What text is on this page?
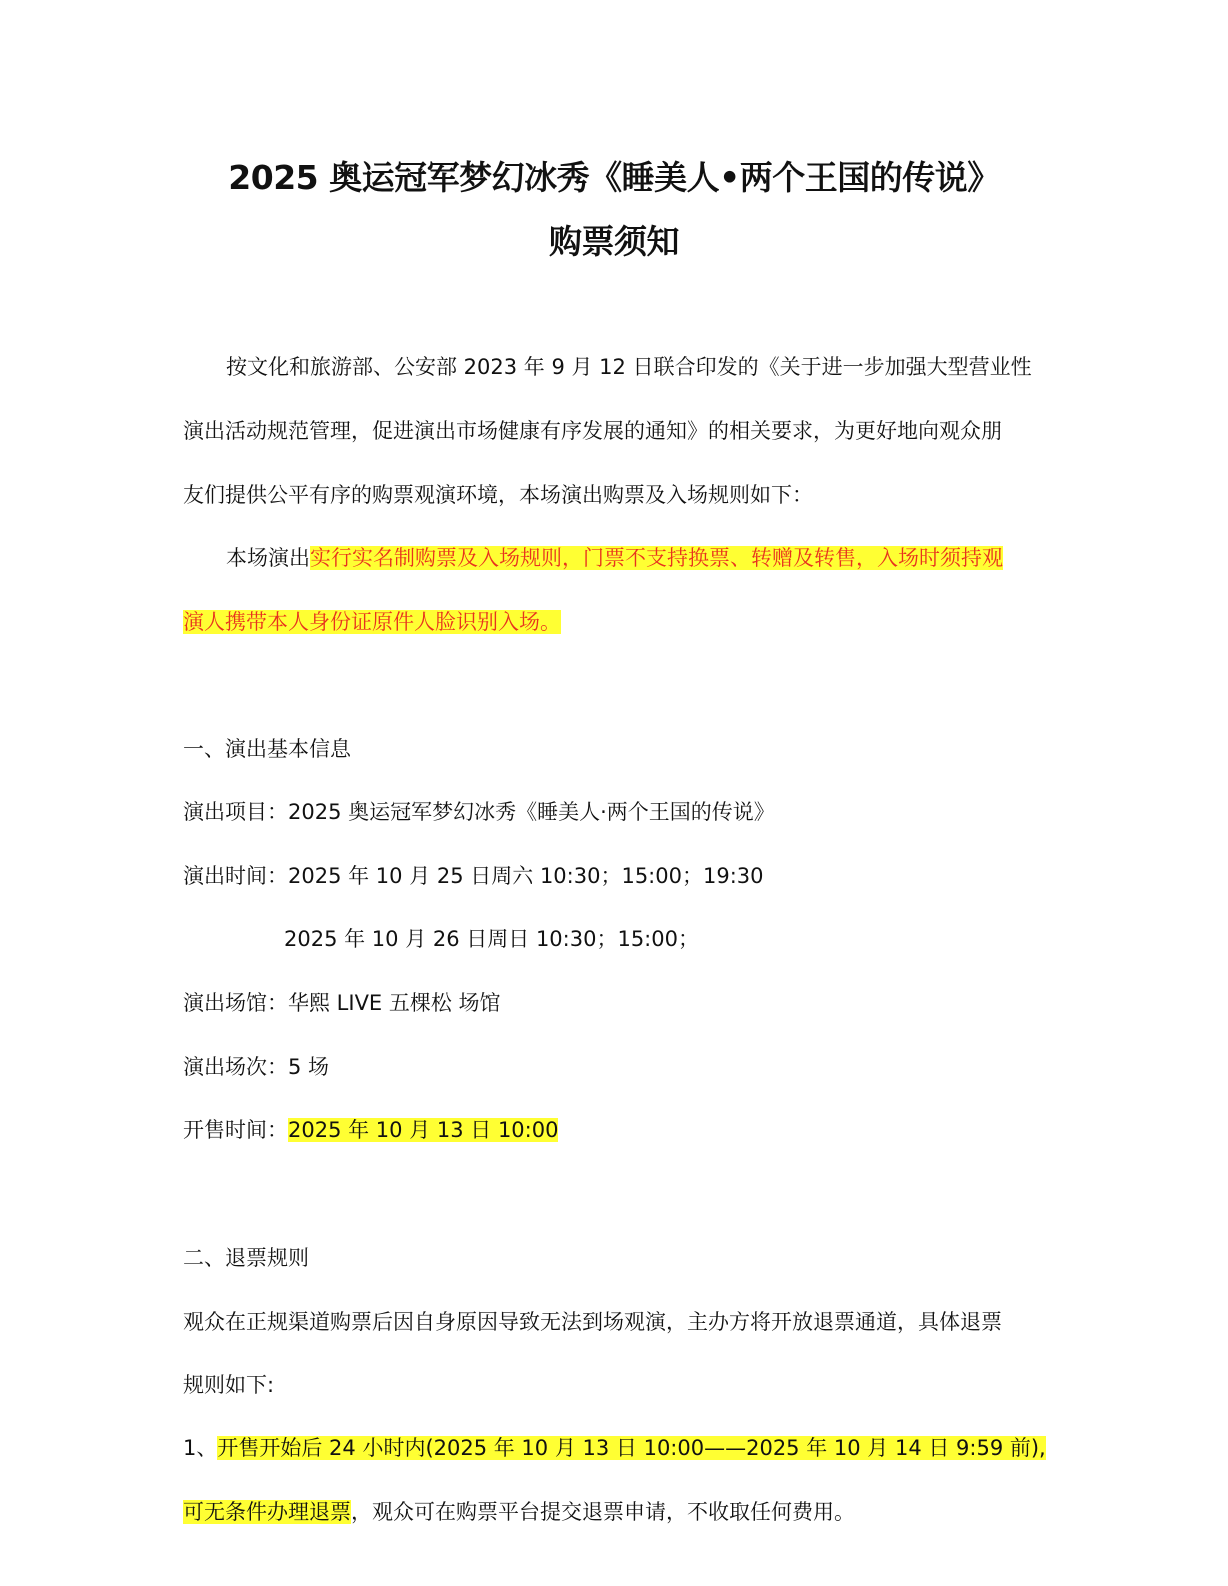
2025 奥运冠军梦幻冰秀《睡美人•两个王国的传说》
购票须知

按文化和旅游部、公安部 2023 年 9 月 12 日联合印发的《关于进一步加强大型营业性

演出活动规范管理，促进演出市场健康有序发展的通知》的相关要求，为更好地向观众朋

友们提供公平有序的购票观演环境，本场演出购票及入场规则如下：

本场演出实行实名制购票及入场规则，门票不支持换票、转赠及转售，入场时须持观

演人携带本人身份证原件人脸识别入场。

一、演出基本信息

演出项目：2025 奥运冠军梦幻冰秀《睡美人·两个王国的传说》

演出时间：2025 年 10 月 25 日周六 10:30；15:00；19:30

2025 年 10 月 26 日周日 10:30；15:00；

演出场馆：华熙 LIVE 五棵松 场馆

演出场次：5 场

开售时间：2025 年 10 月 13 日 10:00

二、退票规则

观众在正规渠道购票后因自身原因导致无法到场观演，主办方将开放退票通道，具体退票

规则如下:

1、开售开始后 24 小时内(2025 年 10 月 13 日 10:00——2025 年 10 月 14 日 9:59 前),

可无条件办理退票，观众可在购票平台提交退票申请，不收取任何费用。
